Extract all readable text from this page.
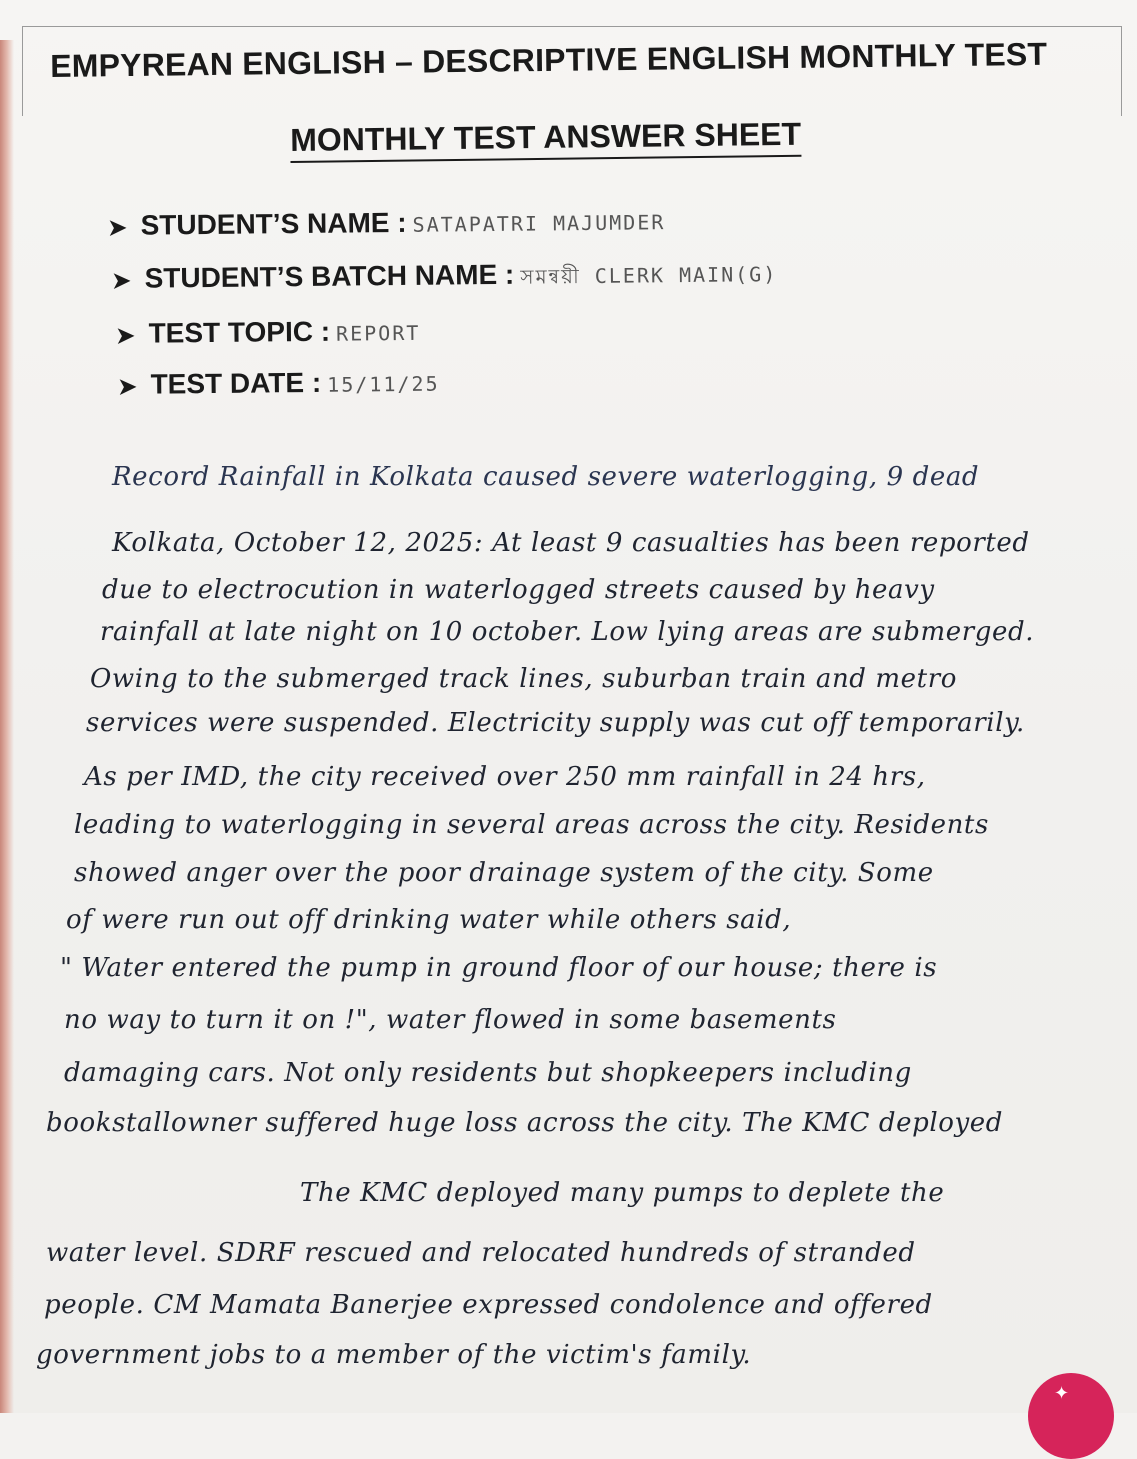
EMPYREAN ENGLISH – DESCRIPTIVE ENGLISH MONTHLY TEST
MONTHLY TEST ANSWER SHEET
➤ STUDENT’S NAME : SATAPATRI MAJUMDER
➤ STUDENT’S BATCH NAME : সমন্বয়ী CLERK MAIN(G)
➤ TEST TOPIC : REPORT
➤ TEST DATE : 15/11/25
Record Rainfall in Kolkata caused severe waterlogging, 9 dead
Kolkata, October 12, 2025: At least 9 casualties has been reported
due to electrocution in waterlogged streets caused by heavy
rainfall at late night on 10 october. Low lying areas are submerged.
Owing to the submerged track lines, suburban train and metro
services were suspended. Electricity supply was cut off temporarily.
As per IMD, the city received over 250 mm rainfall in 24 hrs,
leading to waterlogging in several areas across the city. Residents
showed anger over the poor drainage system of the city. Some
of were run out off drinking water while others said,
" Water entered the pump in ground floor of our house; there is
no way to turn it on !", water flowed in some basements
damaging cars. Not only residents but shopkeepers including
bookstallowner suffered huge loss across the city. The KMC deployed
The KMC deployed many pumps to deplete the
water level. SDRF rescued and relocated hundreds of stranded
people. CM Mamata Banerjee expressed condolence and offered
government jobs to a member of the victim's family.
✦
